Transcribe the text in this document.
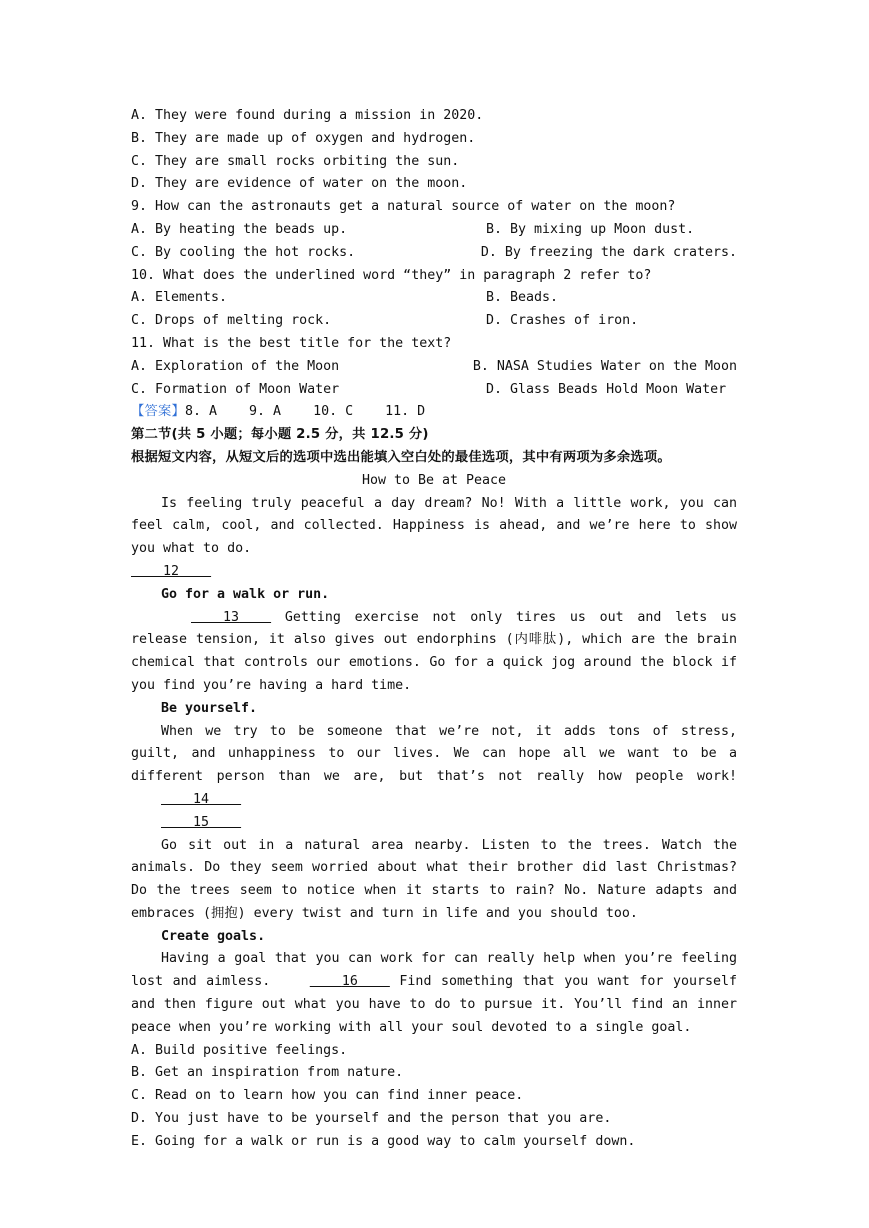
A. They were found during a mission in 2020.
B. They are made up of oxygen and hydrogen.
C. They are small rocks orbiting the sun.
D. They are evidence of water on the moon.
9. How can the astronauts get a natural source of water on the moon?
A. By heating the beads up.	B. By mixing up Moon dust.
C. By cooling the hot rocks.	D. By freezing the dark craters.
10. What does the underlined word “they” in paragraph 2 refer to?
A. Elements.	B. Beads.
C. Drops of melting rock.	D. Crashes of iron.
11. What is the best title for the text?
A. Exploration of the Moon	B. NASA Studies Water on the Moon
C. Formation of Moon Water	D. Glass Beads Hold Moon Water
【答案】8. A    9. A    10. C    11. D
第二节(共 5 小题；每小题 2.5 分，共 12.5 分)
根据短文内容，从短文后的选项中选出能填入空白处的最佳选项，其中有两项为多余选项。
How to Be at Peace
Is feeling truly peaceful a day dream? No! With a little work, you can feel calm, cool, and collected. Happiness is ahead, and we’re here to show you what to do.
12
Go for a walk or run.
13	Getting exercise not only tires us out and lets us release tension, it also gives out endorphins (内啡肽), which are the brain chemical that controls our emotions. Go for a quick jog around the block if you find you’re having a hard time.
Be yourself.
When we try to be someone that we’re not, it adds tons of stress, guilt, and unhappiness to our lives. We can hope all we want to be a different person than we are, but that’s not really how people work!     14
15
Go sit out in a natural area nearby. Listen to the trees. Watch the animals. Do they seem worried about what their brother did last Christmas? Do the trees seem to notice when it starts to rain? No. Nature adapts and embraces (拥抱) every twist and turn in life and you should too.
Create goals.
Having a goal that you can work for can really help when you’re feeling lost and aimless.	16	Find something that you want for yourself and then figure out what you have to do to pursue it. You’ll find an inner peace when you’re working with all your soul devoted to a single goal.
A. Build positive feelings.
B. Get an inspiration from nature.
C. Read on to learn how you can find inner peace.
D. You just have to be yourself and the person that you are.
E. Going for a walk or run is a good way to calm yourself down.
